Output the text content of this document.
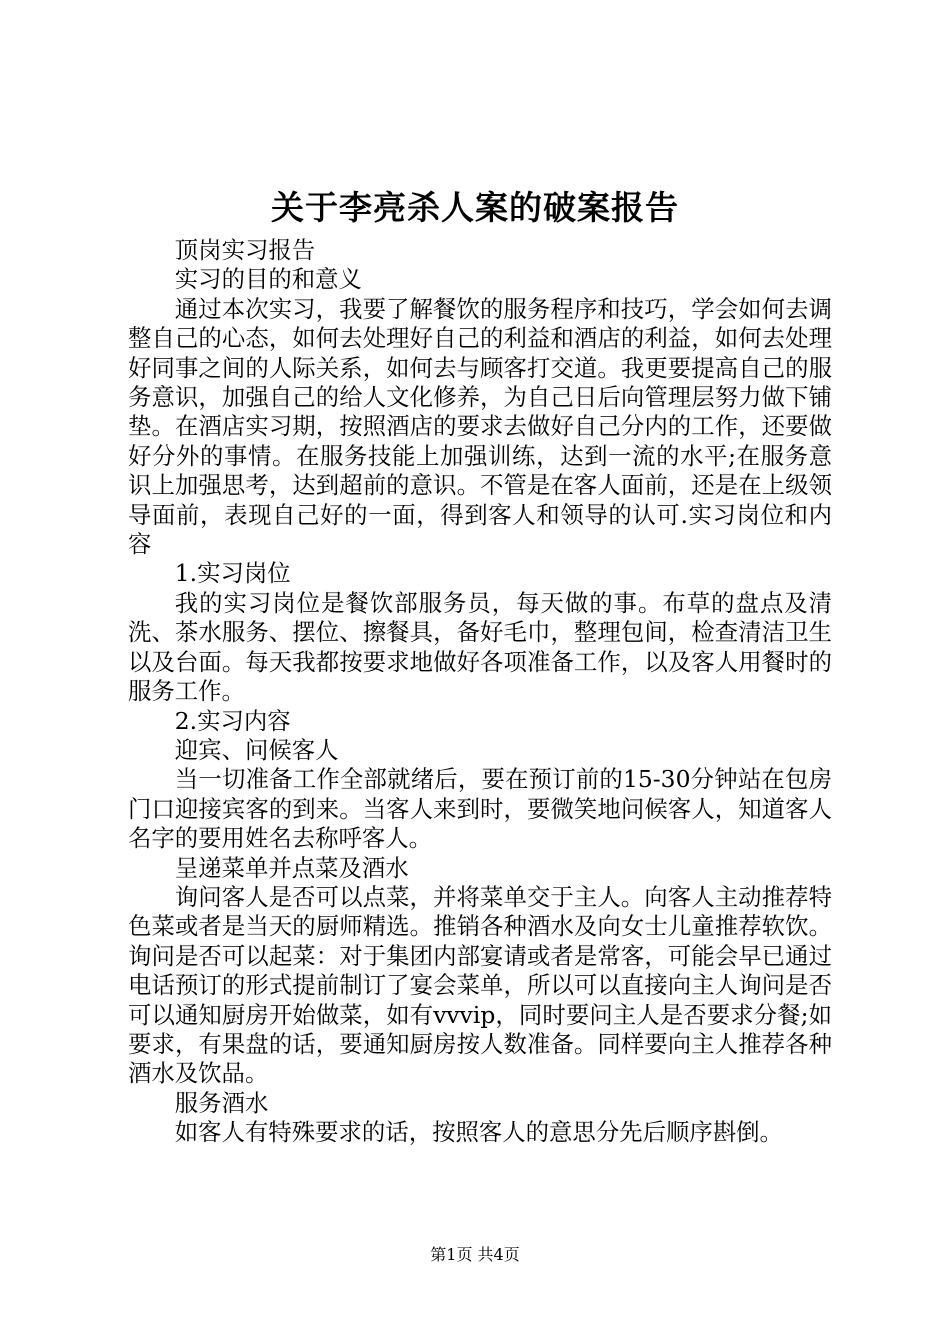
关于李亮杀人案的破案报告

顶岗实习报告

实习的目的和意义

通过本次实习，我要了解餐饮的服务程序和技巧，学会如何去调整自己的心态，如何去处理好自己的利益和酒店的利益，如何去处理好同事之间的人际关系，如何去与顾客打交道。我更要提高自己的服务意识，加强自己的给人文化修养，为自己日后向管理层努力做下铺垫。在酒店实习期，按照酒店的要求去做好自己分内的工作，还要做好分外的事情。在服务技能上加强训练，达到一流的水平;在服务意识上加强思考，达到超前的意识。不管是在客人面前，还是在上级领导面前，表现自己好的一面，得到客人和领导的认可.实习岗位和内容

1.实习岗位

我的实习岗位是餐饮部服务员，每天做的事。布草的盘点及清洗、茶水服务、摆位、擦餐具，备好毛巾，整理包间，检查清洁卫生以及台面。每天我都按要求地做好各项准备工作，以及客人用餐时的服务工作。

2.实习内容

迎宾、问候客人

当一切准备工作全部就绪后，要在预订前的15-30分钟站在包房门口迎接宾客的到来。当客人来到时，要微笑地问候客人，知道客人名字的要用姓名去称呼客人。

呈递菜单并点菜及酒水

询问客人是否可以点菜，并将菜单交于主人。向客人主动推荐特色菜或者是当天的厨师精选。推销各种酒水及向女士儿童推荐软饮。询问是否可以起菜：对于集团内部宴请或者是常客，可能会早已通过电话预订的形式提前制订了宴会菜单，所以可以直接向主人询问是否可以通知厨房开始做菜，如有vvvip，同时要问主人是否要求分餐;如要求，有果盘的话，要通知厨房按人数准备。同样要向主人推荐各种酒水及饮品。

服务酒水

如客人有特殊要求的话，按照客人的意思分先后顺序斟倒。

第1页 共4页
